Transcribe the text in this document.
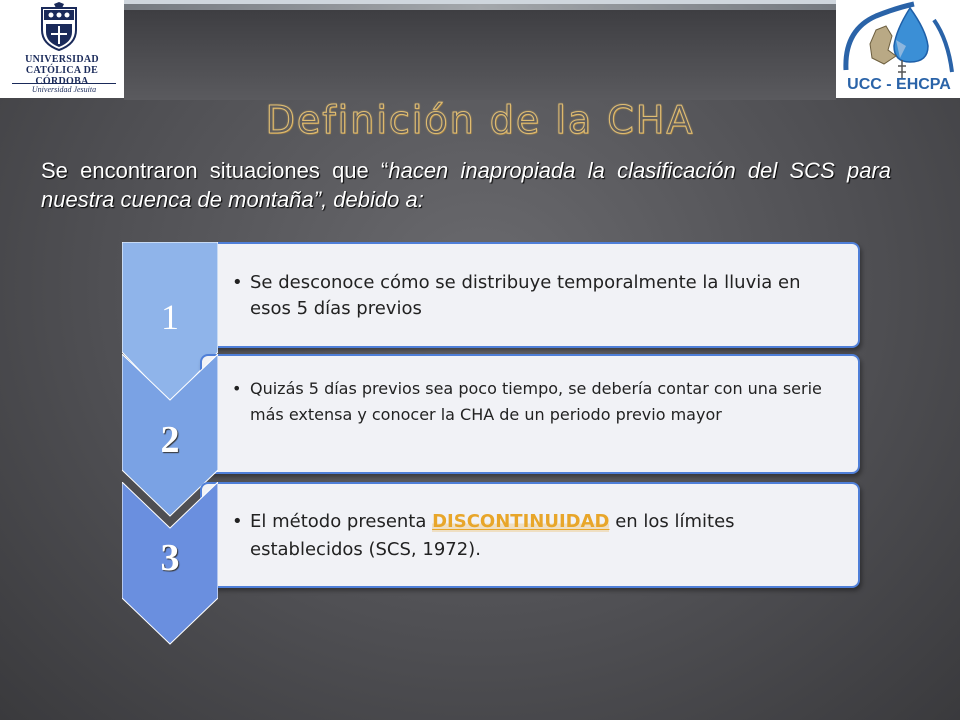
UNIVERSIDAD
CATÓLICA DE CÓRDOBA
Universidad Jesuita	UCC - EHCPA
Definición de la CHA
Se encontraron situaciones que “hacen inapropiada la clasificación del SCS para nuestra cuenca de montaña”, debido a:
• Se desconoce cómo se distribuye temporalmente la lluvia en esos 5 días previos
1
• Quizás 5 días previos sea poco tiempo, se debería contar con una serie más extensa y conocer la CHA de un periodo previo mayor
2
• El método presenta DISCONTINUIDAD en los límites establecidos (SCS, 1972).
3
